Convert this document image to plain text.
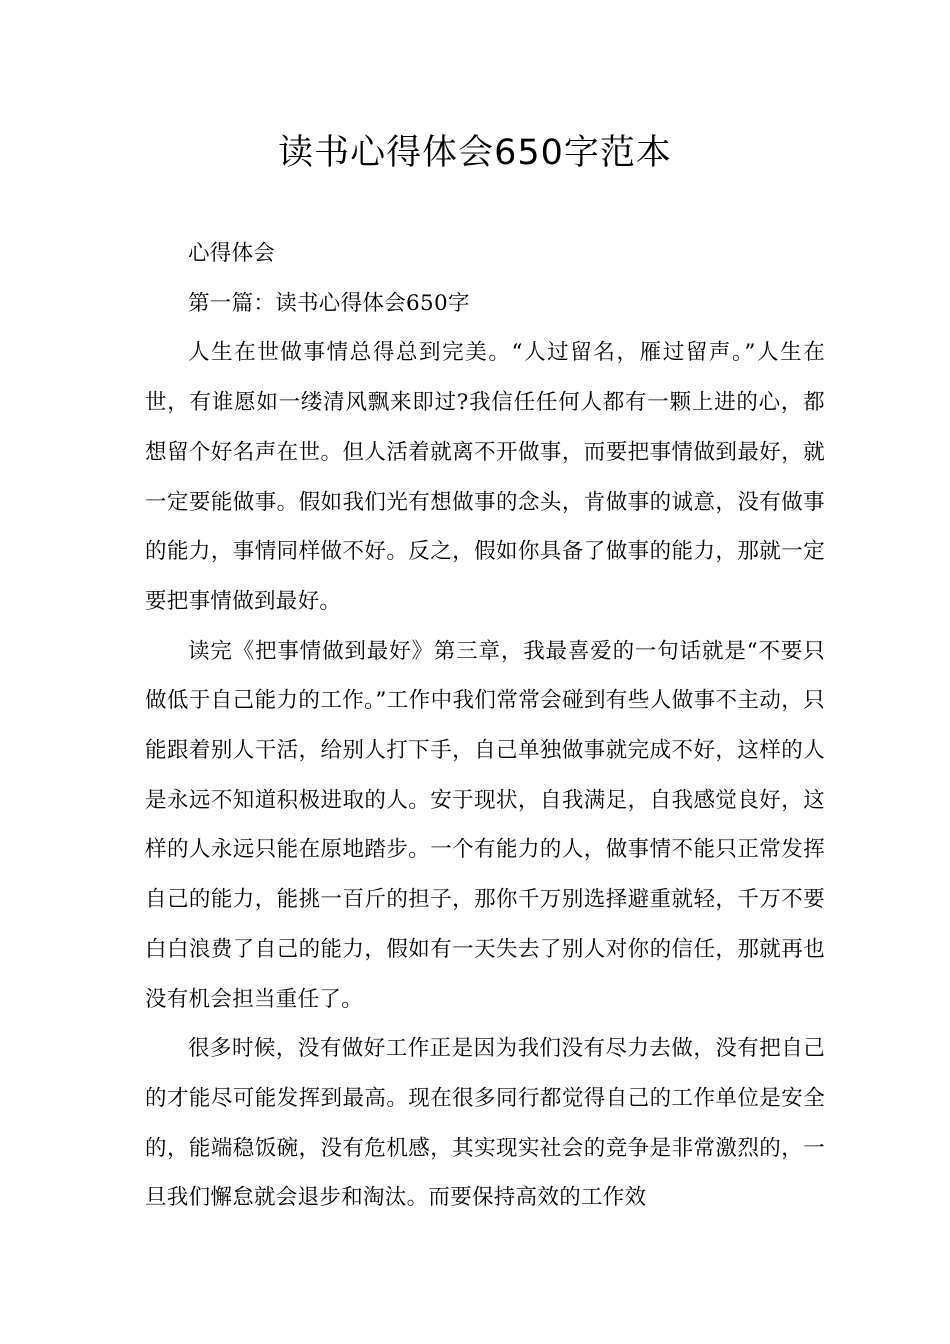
读书心得体会650字范本

心得体会

第一篇：读书心得体会650字

人生在世做事情总得总到完美。“人过留名，雁过留声。”人生在世，有谁愿如一缕清风飘来即过?我信任任何人都有一颗上进的心，都想留个好名声在世。但人活着就离不开做事，而要把事情做到最好，就一定要能做事。假如我们光有想做事的念头，肯做事的诚意，没有做事的能力，事情同样做不好。反之，假如你具备了做事的能力，那就一定要把事情做到最好。

读完《把事情做到最好》第三章，我最喜爱的一句话就是“不要只做低于自己能力的工作。”工作中我们常常会碰到有些人做事不主动，只能跟着别人干活，给别人打下手，自己单独做事就完成不好，这样的人是永远不知道积极进取的人。安于现状，自我满足，自我感觉良好，这样的人永远只能在原地踏步。一个有能力的人，做事情不能只正常发挥自己的能力，能挑一百斤的担子，那你千万别选择避重就轻，千万不要白白浪费了自己的能力，假如有一天失去了别人对你的信任，那就再也没有机会担当重任了。

很多时候，没有做好工作正是因为我们没有尽力去做，没有把自己的才能尽可能发挥到最高。现在很多同行都觉得自己的工作单位是安全的，能端稳饭碗，没有危机感，其实现实社会的竞争是非常激烈的，一旦我们懈怠就会退步和淘汰。而要保持高效的工作效
